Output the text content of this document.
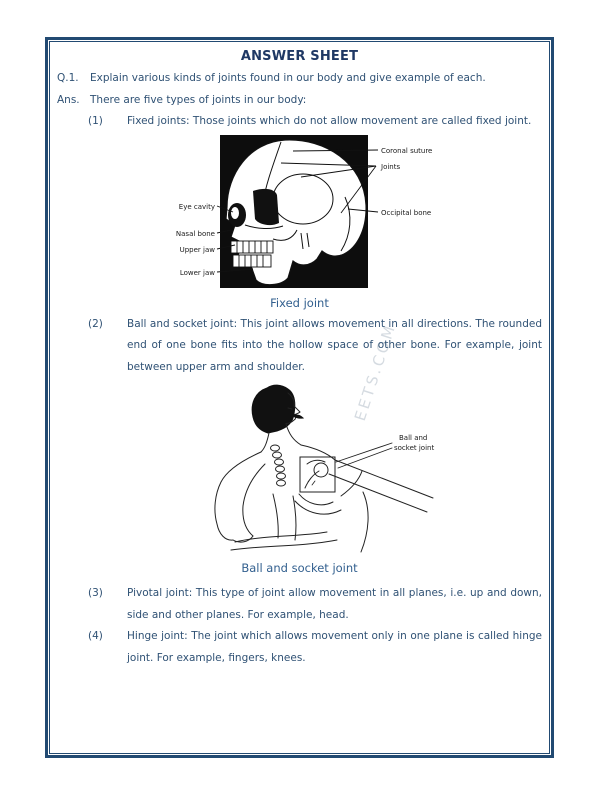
EETS.COM
ANSWER SHEET
Q.1.	Explain various kinds of joints found in our body and give example of each.
Ans. There are five types of joints in our body:
(1)	Fixed joints: Those joints which do not allow movement are called fixed joint.
Coronal suture
Joints
Occipital bone
Eye cavity
Nasal bone
Upper jaw
Lower jaw
Fixed joint
(2)	Ball and socket joint: This joint allows movement in all directions. The rounded end of one bone fits into the hollow space of other bone. For example, joint between upper arm and shoulder.
Ball and
socket joint
Ball and socket joint
(3)	Pivotal joint: This type of joint allow movement in all planes, i.e. up and down, side and other planes. For example, head.
(4)	Hinge joint: The joint which allows movement only in one plane is called hinge joint. For example, fingers, knees.
